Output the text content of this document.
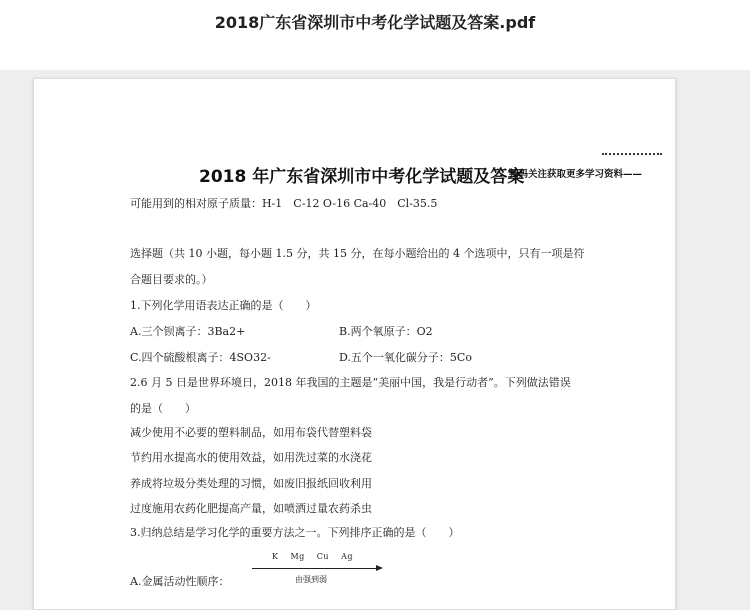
2018广东省深圳市中考化学试题及答案.pdf
2018 年广东省深圳市中考化学试题及答案
扫码关注获取更多学习资料——
可能用到的相对原子质量：H-1　C-12 O-16 Ca-40　Cl-35.5
选择题（共 10 小题，每小题 1.5 分，共 15 分，在每小题给出的 4 个选项中，只有一项是符
合题目要求的。）
1.下列化学用语表达正确的是（　　）
A.三个钡离子：3Ba2+	B.两个氧原子：O2
C.四个硫酸根离子：4SO32-	D.五个一氧化碳分子：5Co
2.6 月 5 日是世界环境日，2018 年我国的主题是“美丽中国，我是行动者”。下列做法错误
的是（　　）
减少使用不必要的塑料制品，如用布袋代替塑料袋
节约用水提高水的使用效益，如用洗过菜的水浇花
养成将垃圾分类处理的习惯，如废旧报纸回收利用
过度施用农药化肥提高产量，如喷洒过量农药杀虫
3.归纳总结是学习化学的重要方法之一。下列排序正确的是（　　）
K Mg Cu Ag
由强到弱
A.金属活动性顺序：
